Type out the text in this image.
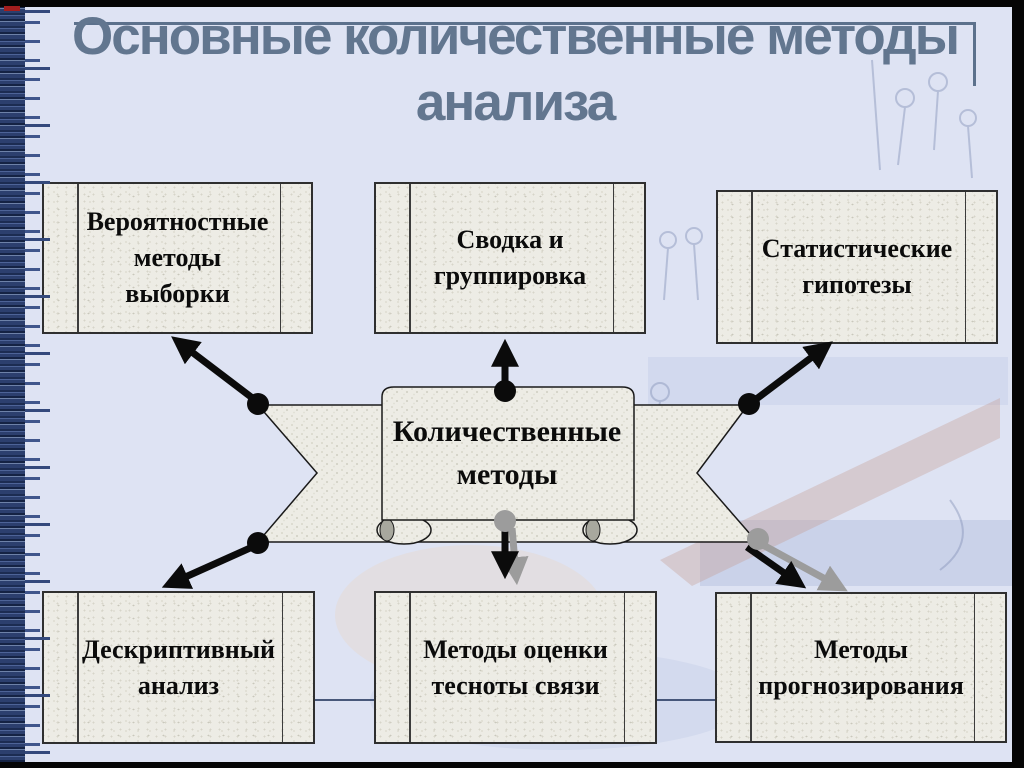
Вероятностные
методы
выборки
Сводка и
группировка
Статистические
гипотезы
Дескриптивный
анализ
Методы оценки
тесноты связи
Методы
прогнозирования
Количественные
методы
Основные количественные методы
анализа
